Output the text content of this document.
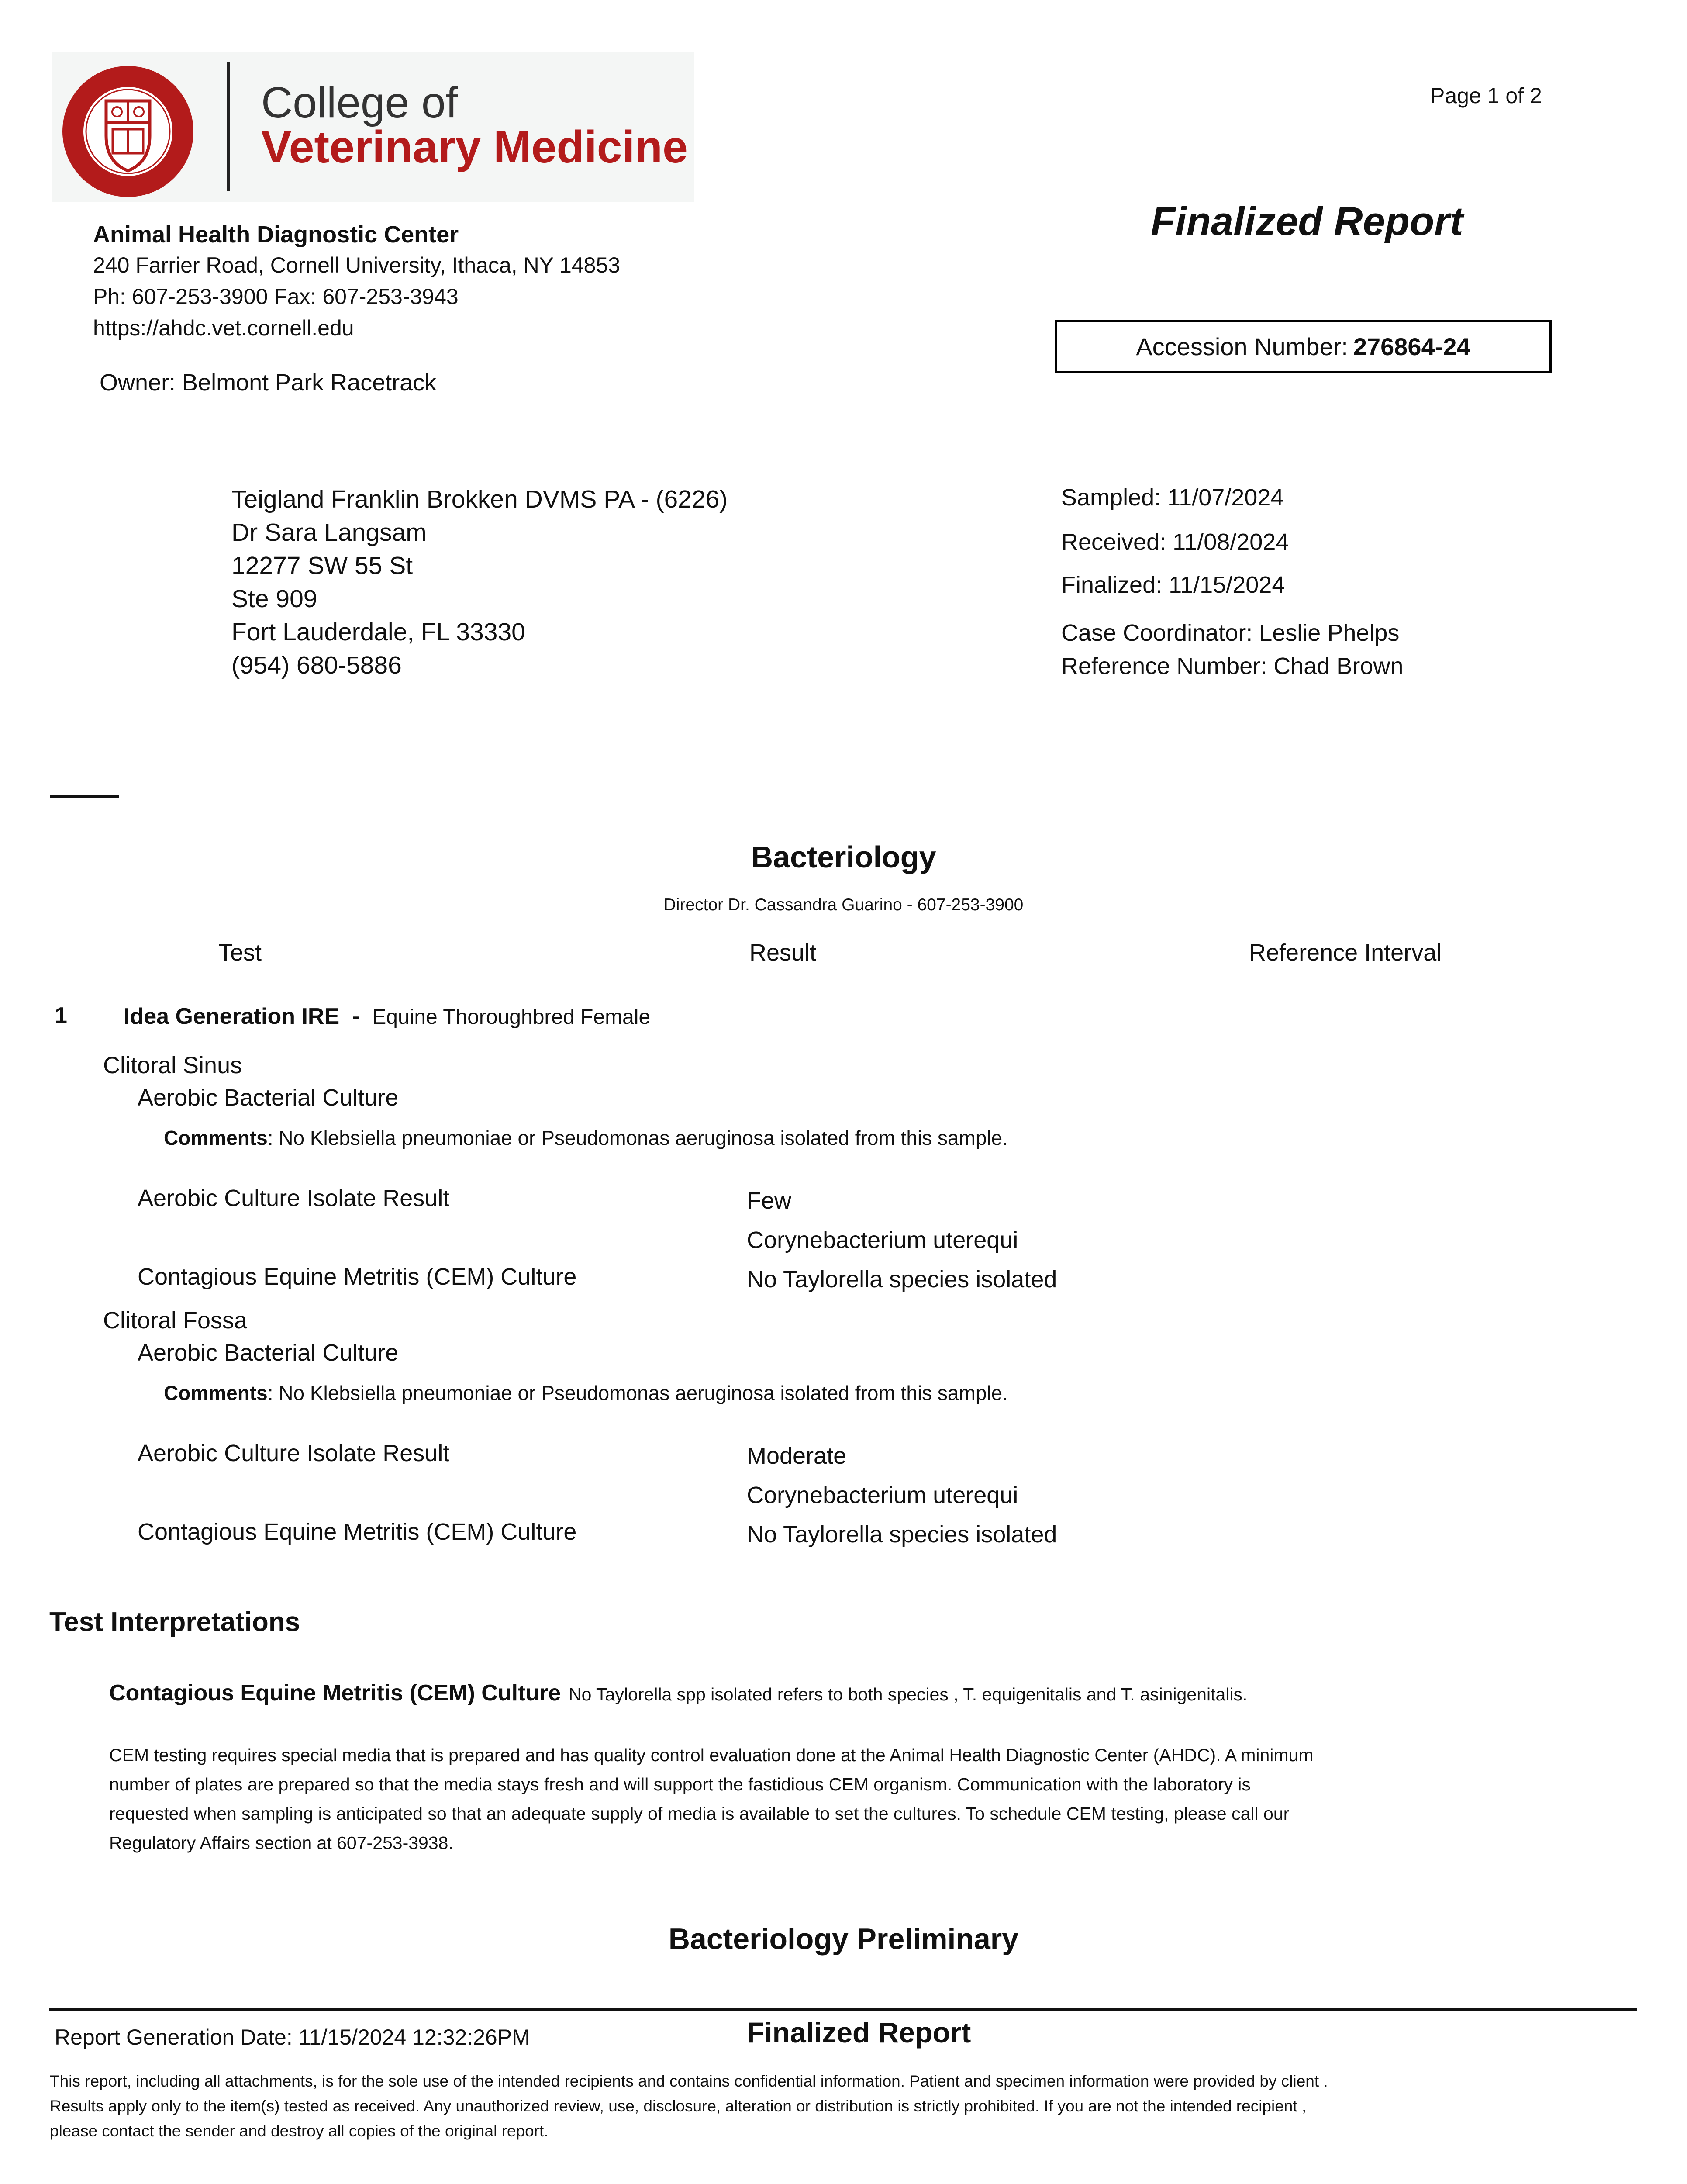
College of
Veterinary Medicine
Page 1 of 2
Animal Health Diagnostic Center
240 Farrier Road, Cornell University, Ithaca, NY 14853
Ph: 607-253-3900 Fax: 607-253-3943
https://ahdc.vet.cornell.edu
Owner: Belmont Park Racetrack
Finalized Report
Accession Number: 276864-24
Teigland Franklin Brokken DVMS PA - (6226)
Dr Sara Langsam
12277 SW 55 St
Ste 909
Fort Lauderdale, FL 33330
(954) 680-5886
Sampled: 11/07/2024
Received: 11/08/2024
Finalized: 11/15/2024
Case Coordinator: Leslie Phelps
Reference Number: Chad Brown
Bacteriology
Director Dr. Cassandra Guarino - 607-253-3900
Test	Result	Reference Interval
1 Idea Generation IRE - Equine Thoroughbred Female
Clitoral Sinus
Aerobic Bacterial Culture
Comments: No Klebsiella pneumoniae or Pseudomonas aeruginosa isolated from this sample.
Aerobic Culture Isolate Result	Few
Corynebacterium uterequi
Contagious Equine Metritis (CEM) Culture	No Taylorella species isolated
Clitoral Fossa
Aerobic Bacterial Culture
Comments: No Klebsiella pneumoniae or Pseudomonas aeruginosa isolated from this sample.
Aerobic Culture Isolate Result	Moderate
Corynebacterium uterequi
Contagious Equine Metritis (CEM) Culture	No Taylorella species isolated
Test Interpretations
Contagious Equine Metritis (CEM) Culture No Taylorella spp isolated refers to both species , T. equigenitalis and T. asinigenitalis.
CEM testing requires special media that is prepared and has quality control evaluation done at the Animal Health Diagnostic Center (AHDC). A minimum
number of plates are prepared so that the media stays fresh and will support the fastidious CEM organism. Communication with the laboratory is
requested when sampling is anticipated so that an adequate supply of media is available to set the cultures. To schedule CEM testing, please call our
Regulatory Affairs section at 607-253-3938.
Bacteriology Preliminary
Report Generation Date: 11/15/2024 12:32:26PM	Finalized Report
This report, including all attachments, is for the sole use of the intended recipients and contains confidential information. Patient and specimen information were provided by client .
Results apply only to the item(s) tested as received. Any unauthorized review, use, disclosure, alteration or distribution is strictly prohibited. If you are not the intended recipient ,
please contact the sender and destroy all copies of the original report.
